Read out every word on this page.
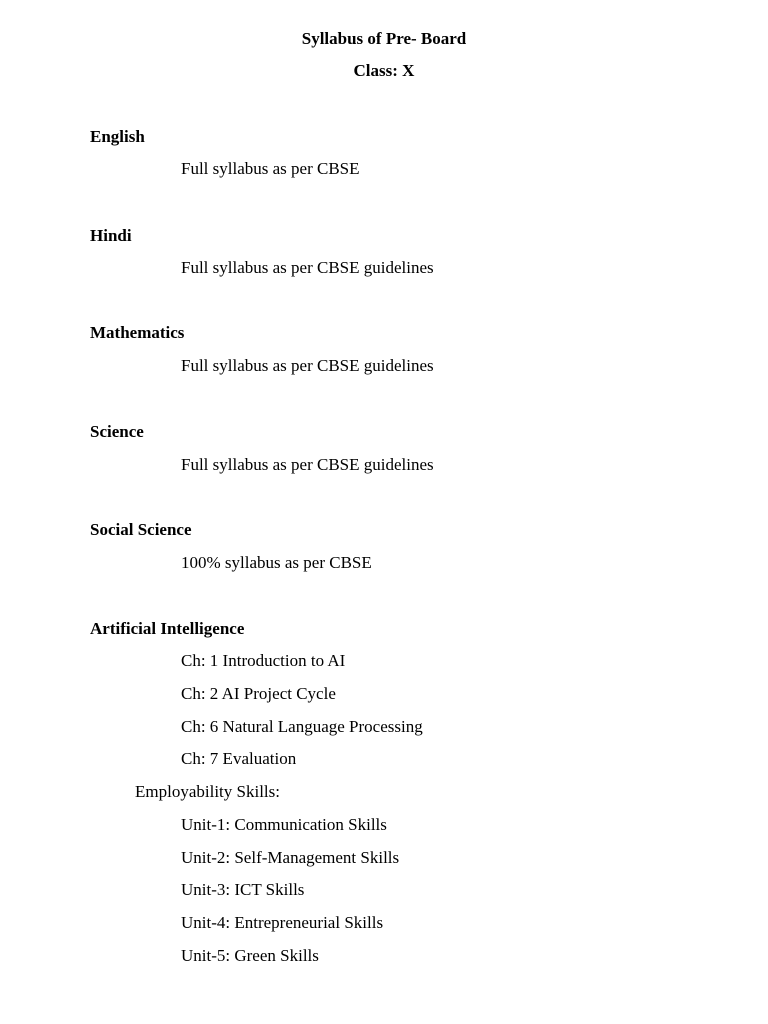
Syllabus of Pre- Board
Class: X
English
Full syllabus as per CBSE
Hindi
Full syllabus as per CBSE guidelines
Mathematics
Full syllabus as per CBSE guidelines
Science
Full syllabus as per CBSE guidelines
Social Science
100% syllabus as per CBSE
Artificial Intelligence
Ch: 1 Introduction to AI
Ch: 2 AI Project Cycle
Ch: 6 Natural Language Processing
Ch: 7 Evaluation
Employability Skills:
Unit-1: Communication Skills
Unit-2: Self-Management Skills
Unit-3: ICT Skills
Unit-4: Entrepreneurial Skills
Unit-5: Green Skills
